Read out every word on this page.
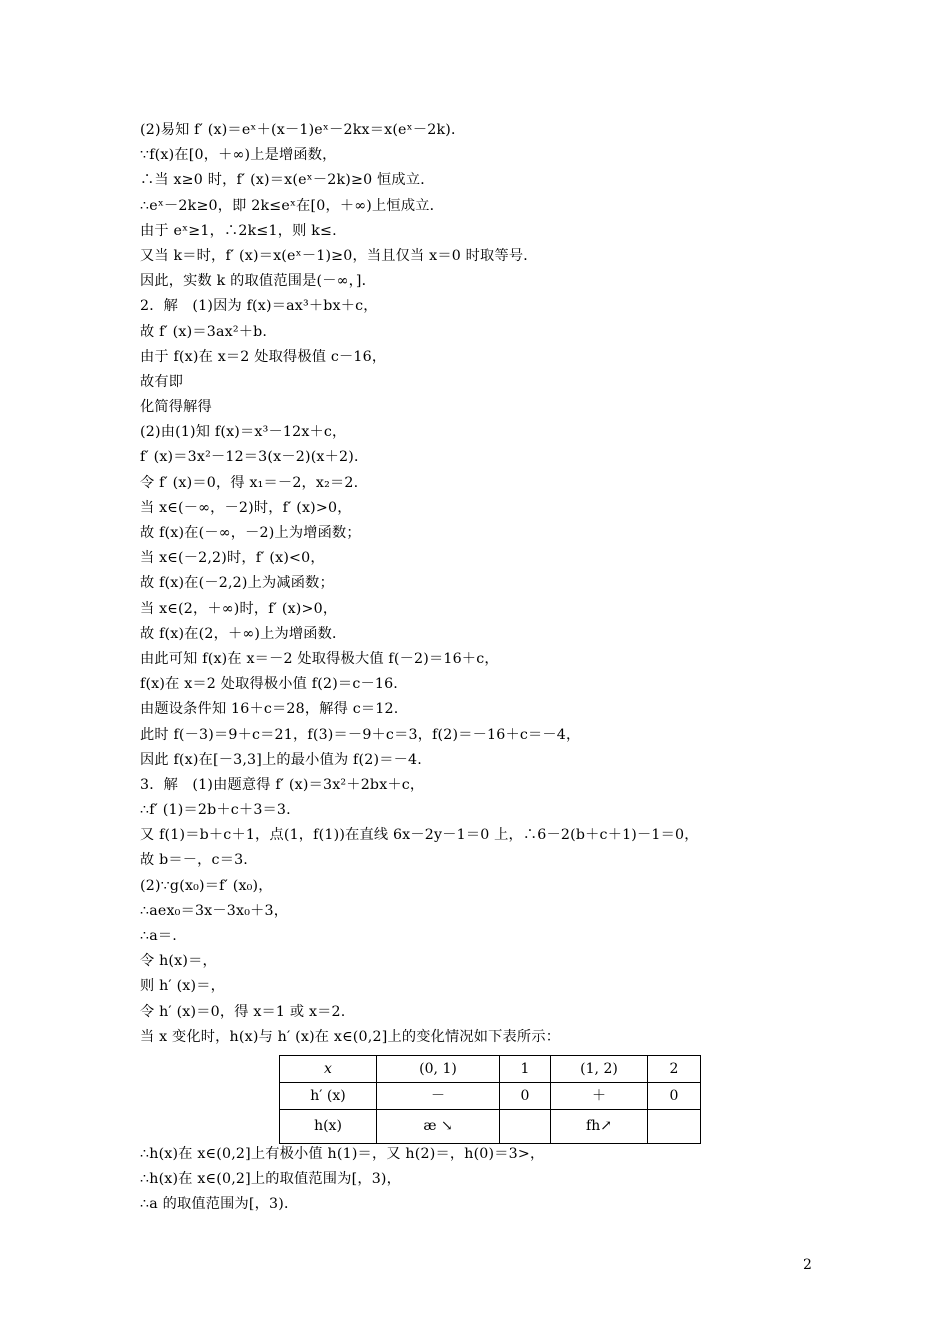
(2)易知 f′ (x)＝eˣ＋(x－1)eˣ－2kx＝x(eˣ－2k)．
∵f(x)在[0，＋∞)上是增函数，
∴当 x≥0 时，f′ (x)＝x(eˣ－2k)≥0 恒成立．
∴eˣ－2k≥0，即 2k≤eˣ在[0，＋∞)上恒成立．
由于 eˣ≥1，∴2k≤1，则 k≤.
又当 k＝时，f′ (x)＝x(eˣ－1)≥0，当且仅当 x＝0 时取等号．
因此，实数 k 的取值范围是(－∞，]．
2．解　(1)因为 f(x)＝ax³＋bx＋c，
故 f′ (x)＝3ax²＋b.
由于 f(x)在 x＝2 处取得极值 c－16，
故有即
化简得解得
(2)由(1)知 f(x)＝x³－12x＋c，
f′ (x)＝3x²－12＝3(x－2)(x＋2)．
令 f′ (x)＝0，得 x₁＝－2，x₂＝2.
当 x∈(－∞，－2)时，f′ (x)>0，
故 f(x)在(－∞，－2)上为增函数；
当 x∈(－2,2)时，f′ (x)<0，
故 f(x)在(－2,2)上为减函数；
当 x∈(2，＋∞)时，f′ (x)>0，
故 f(x)在(2，＋∞)上为增函数．
由此可知 f(x)在 x＝－2 处取得极大值 f(－2)＝16＋c，
f(x)在 x＝2 处取得极小值 f(2)＝c－16.
由题设条件知 16＋c＝28，解得 c＝12.
此时 f(－3)＝9＋c＝21，f(3)＝－9＋c＝3，f(2)＝－16＋c＝－4，
因此 f(x)在[－3,3]上的最小值为 f(2)＝－4.
3．解　(1)由题意得 f′ (x)＝3x²＋2bx＋c，
∴f′ (1)＝2b＋c＋3＝3.
又 f(1)＝b＋c＋1，点(1，f(1))在直线 6x－2y－1＝0 上，∴6－2(b＋c＋1)－1＝0，
故 b＝－，c＝3.
(2)∵g(x₀)＝f′ (x₀)，
∴aex₀＝3x－3x₀＋3，
∴a＝.
令 h(x)＝，
则 h′ (x)＝，
令 h′ (x)＝0，得 x＝1 或 x＝2.
当 x 变化时，h(x)与 h′ (x)在 x∈(0,2]上的变化情况如下表所示：
x	(0, 1)	1	(1, 2)	2
h′ (x)	－	0	＋	0
h(x)	æ ↘		fh↗	
∴h(x)在 x∈(0,2]上有极小值 h(1)＝，又 h(2)＝，h(0)＝3>，
∴h(x)在 x∈(0,2]上的取值范围为[，3)，
∴a 的取值范围为[，3)．
2
